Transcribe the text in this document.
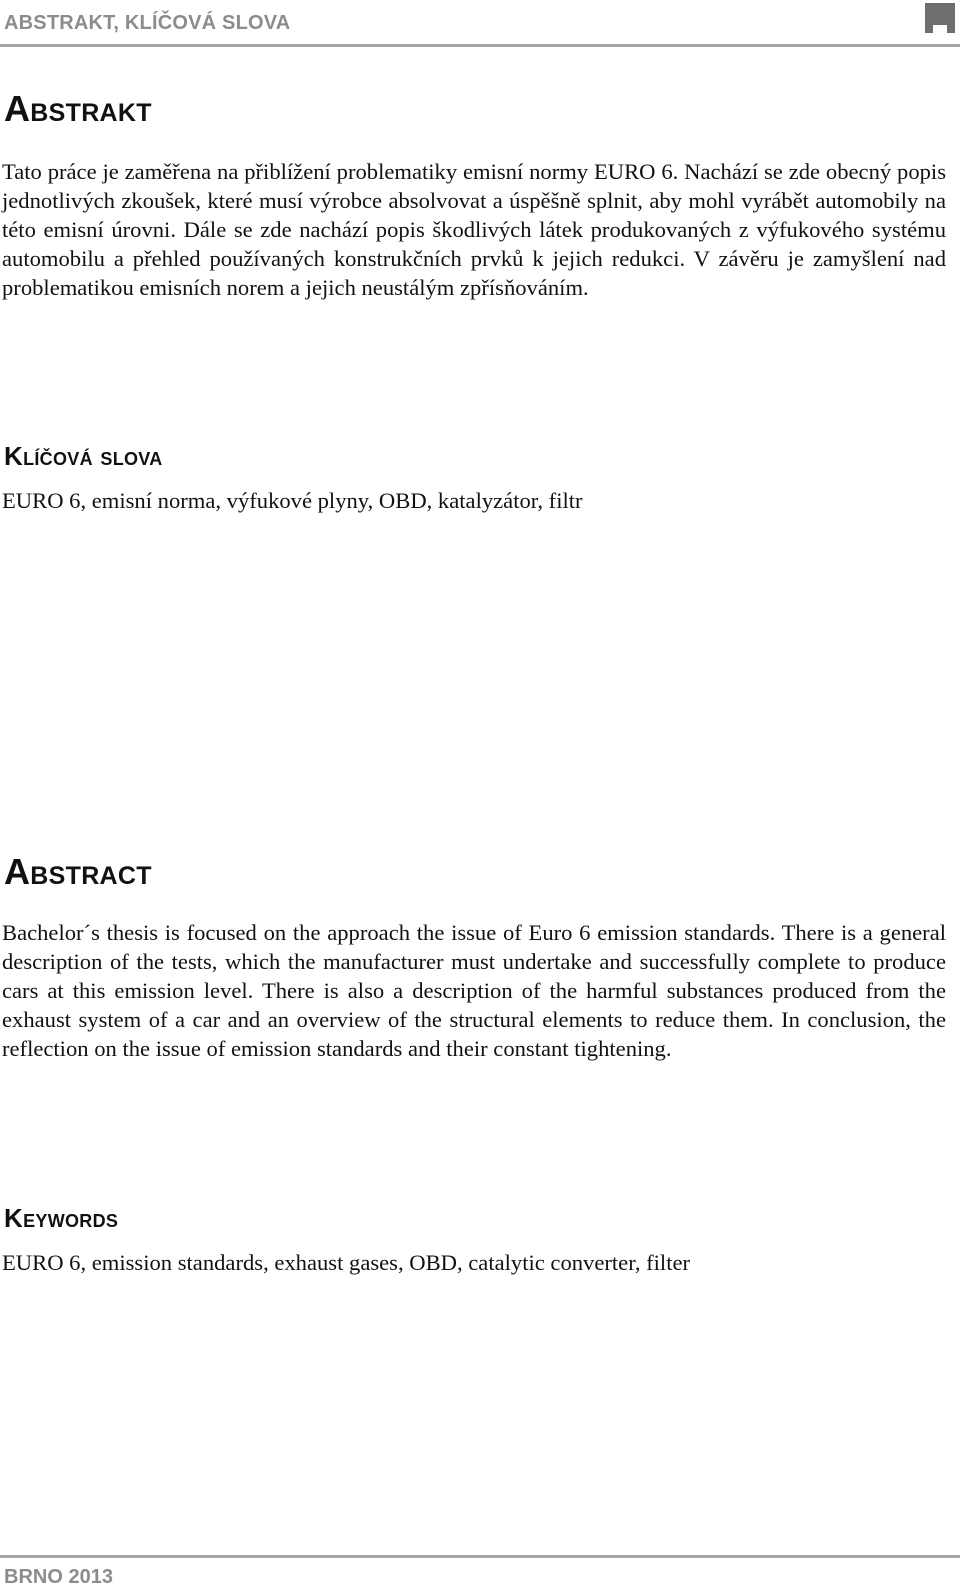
ABSTRAKT, KLÍČOVÁ SLOVA
Abstrakt

Tato práce je zaměřena na přiblížení problematiky emisní normy EURO 6. Nachází se zde obecný popis jednotlivých zkoušek, které musí výrobce absolvovat a úspěšně splnit, aby mohl vyrábět automobily na této emisní úrovni. Dále se zde nachází popis škodlivých látek produkovaných z výfukového systému automobilu a přehled používaných konstrukčních prvků k jejich redukci. V závěru je zamyšlení nad problematikou emisních norem a jejich neustálým zpřísňováním.

Klíčová slova

EURO 6, emisní norma, výfukové plyny, OBD, katalyzátor, filtr

Abstract

Bachelor´s thesis is focused on the approach the issue of Euro 6 emission standards. There is a general description of the tests, which the manufacturer must undertake and successfully complete to produce cars at this emission level. There is also a description of the harmful substances produced from the exhaust system of a car and an overview of the structural elements to reduce them. In conclusion, the reflection on the issue of emission standards and their constant tightening.

Keywords

EURO 6, emission standards, exhaust gases, OBD, catalytic converter, filter

BRNO 2013
